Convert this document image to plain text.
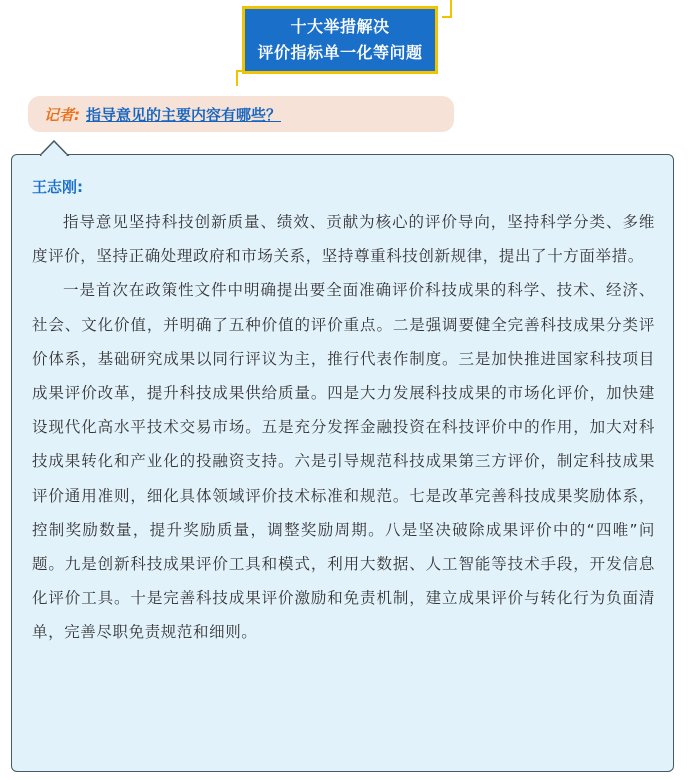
十大举措解决
评价指标单一化等问题
记者: 指导意见的主要内容有哪些？
王志刚:

指导意见坚持科技创新质量、绩效、贡献为核心的评价导向，坚持科学分类、多维度评价，坚持正确处理政府和市场关系，坚持尊重科技创新规律，提出了十方面举措。

一是首次在政策性文件中明确提出要全面准确评价科技成果的科学、技术、经济、社会、文化价值，并明确了五种价值的评价重点。二是强调要健全完善科技成果分类评价体系，基础研究成果以同行评议为主，推行代表作制度。三是加快推进国家科技项目成果评价改革，提升科技成果供给质量。四是大力发展科技成果的市场化评价，加快建设现代化高水平技术交易市场。五是充分发挥金融投资在科技评价中的作用，加大对科技成果转化和产业化的投融资支持。六是引导规范科技成果第三方评价，制定科技成果评价通用准则，细化具体领域评价技术标准和规范。七是改革完善科技成果奖励体系，控制奖励数量，提升奖励质量，调整奖励周期。八是坚决破除成果评价中的“四唯”问题。九是创新科技成果评价工具和模式，利用大数据、人工智能等技术手段，开发信息化评价工具。十是完善科技成果评价激励和免责机制，建立成果评价与转化行为负面清单，完善尽职免责规范和细则。
